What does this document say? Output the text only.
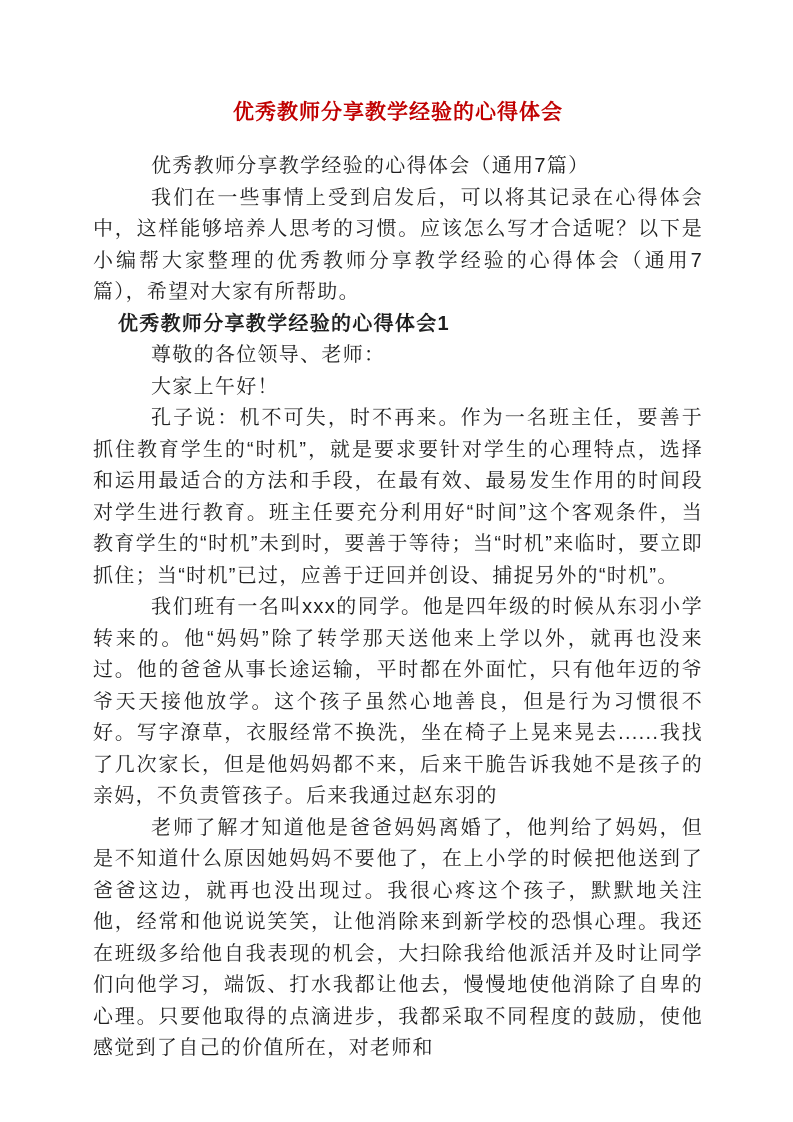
优秀教师分享教学经验的心得体会

优秀教师分享教学经验的心得体会（通用7篇）

我们在一些事情上受到启发后，可以将其记录在心得体会中，这样能够培养人思考的习惯。应该怎么写才合适呢？以下是小编帮大家整理的优秀教师分享教学经验的心得体会（通用7篇），希望对大家有所帮助。

优秀教师分享教学经验的心得体会1

尊敬的各位领导、老师：

大家上午好！

孔子说：机不可失，时不再来。作为一名班主任，要善于抓住教育学生的“时机”，就是要求要针对学生的心理特点，选择和运用最适合的方法和手段，在最有效、最易发生作用的时间段对学生进行教育。班主任要充分利用好“时间”这个客观条件，当教育学生的“时机”未到时，要善于等待；当“时机”来临时，要立即抓住；当“时机”已过，应善于迂回并创设、捕捉另外的“时机”。

我们班有一名叫xxx的同学。他是四年级的时候从东羽小学转来的。他“妈妈”除了转学那天送他来上学以外，就再也没来过。他的爸爸从事长途运输，平时都在外面忙，只有他年迈的爷爷天天接他放学。这个孩子虽然心地善良，但是行为习惯很不好。写字潦草，衣服经常不换洗，坐在椅子上晃来晃去......我找了几次家长，但是他妈妈都不来，后来干脆告诉我她不是孩子的亲妈，不负责管孩子。后来我通过赵东羽的

老师了解才知道他是爸爸妈妈离婚了，他判给了妈妈，但是不知道什么原因她妈妈不要他了，在上小学的时候把他送到了爸爸这边，就再也没出现过。我很心疼这个孩子，默默地关注他，经常和他说说笑笑，让他消除来到新学校的恐惧心理。我还在班级多给他自我表现的机会，大扫除我给他派活并及时让同学们向他学习，端饭、打水我都让他去，慢慢地使他消除了自卑的心理。只要他取得的点滴进步，我都采取不同程度的鼓励，使他感觉到了自己的价值所在，对老师和
